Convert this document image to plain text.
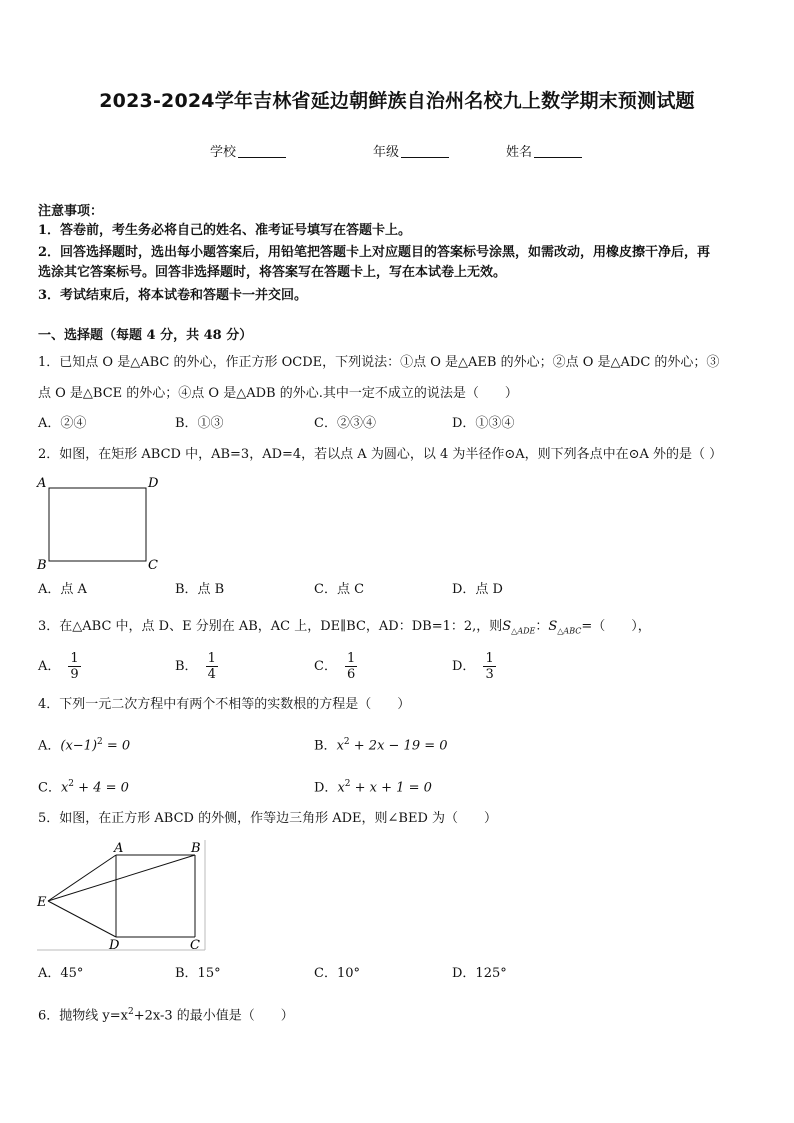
2023-2024学年吉林省延边朝鲜族自治州名校九上数学期末预测试题
学校	年级	姓名
注意事项：
1．答卷前，考生务必将自己的姓名、准考证号填写在答题卡上。
2．回答选择题时，选出每小题答案后，用铅笔把答题卡上对应题目的答案标号涂黑，如需改动，用橡皮擦干净后，再
选涂其它答案标号。回答非选择题时，将答案写在答题卡上，写在本试卷上无效。
3．考试结束后，将本试卷和答题卡一并交回。
一、选择题（每题 4 分，共 48 分）
1．已知点 O 是△ABC 的外心，作正方形 OCDE，下列说法：①点 O 是△AEB 的外心；②点 O 是△ADC 的外心；③
点 O 是△BCE 的外心；④点 O 是△ADB 的外心.其中一定不成立的说法是（　　）
A．②④	B．①③	C．②③④	D．①③④
2．如图，在矩形 ABCD 中，AB=3，AD=4，若以点 A 为圆心，以 4 为半径作⊙A，则下列各点中在⊙A 外的是（ ）
A	D
B	C
A．点 A	B．点 B	C．点 C	D．点 D
3．在△ABC 中，点 D、E 分别在 AB，AC 上，DE∥BC，AD：DB=1：2,，则$S_{\triangle ADE}$：$S_{\triangle ABC}=$（　　），
A． $\frac{1}{9}$	B． $\frac{1}{4}$	C． $\frac{1}{6}$	D． $\frac{1}{3}$
4．下列一元二次方程中有两个不相等的实数根的方程是（　　）
A．$(x-1)^2 = 0$	B．$x^2 + 2x - 19 = 0$
C．$x^2 + 4 = 0$	D．$x^2 + x + 1 = 0$
5．如图，在正方形 ABCD 的外侧，作等边三角形 ADE，则∠BED 为（　　）
A	B
E
D	C
A．45°	B．15°	C．10°	D．125°
6．抛物线 $y=x^2+2x-3$ 的最小值是（　　）
